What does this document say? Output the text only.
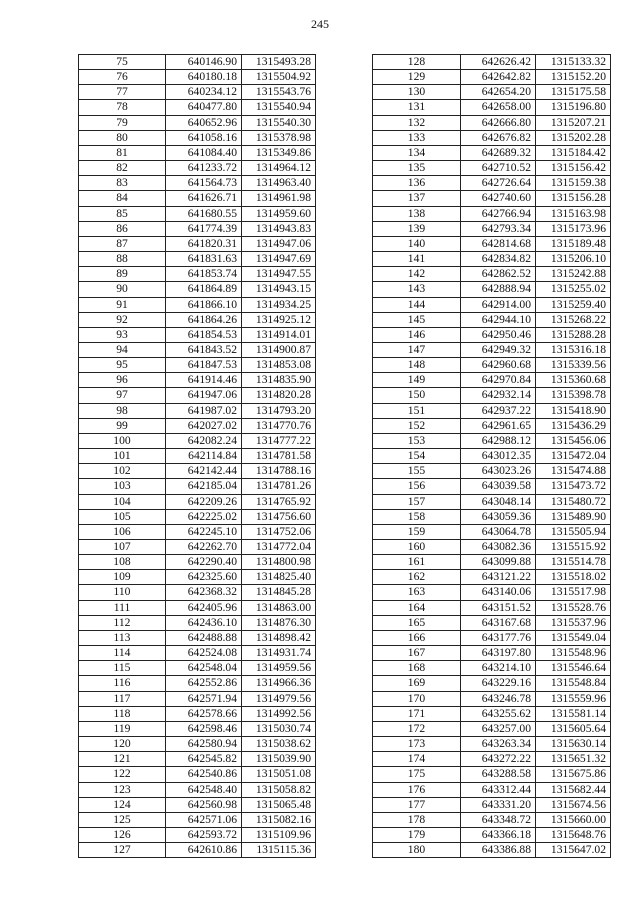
245
75	640146.90	1315493.28
76	640180.18	1315504.92
77	640234.12	1315543.76
78	640477.80	1315540.94
79	640652.96	1315540.30
80	641058.16	1315378.98
81	641084.40	1315349.86
82	641233.72	1314964.12
83	641564.73	1314963.40
84	641626.71	1314961.98
85	641680.55	1314959.60
86	641774.39	1314943.83
87	641820.31	1314947.06
88	641831.63	1314947.69
89	641853.74	1314947.55
90	641864.89	1314943.15
91	641866.10	1314934.25
92	641864.26	1314925.12
93	641854.53	1314914.01
94	641843.52	1314900.87
95	641847.53	1314853.08
96	641914.46	1314835.90
97	641947.06	1314820.28
98	641987.02	1314793.20
99	642027.02	1314770.76
100	642082.24	1314777.22
101	642114.84	1314781.58
102	642142.44	1314788.16
103	642185.04	1314781.26
104	642209.26	1314765.92
105	642225.02	1314756.60
106	642245.10	1314752.06
107	642262.70	1314772.04
108	642290.40	1314800.98
109	642325.60	1314825.40
110	642368.32	1314845.28
111	642405.96	1314863.00
112	642436.10	1314876.30
113	642488.88	1314898.42
114	642524.08	1314931.74
115	642548.04	1314959.56
116	642552.86	1314966.36
117	642571.94	1314979.56
118	642578.66	1314992.56
119	642598.46	1315030.74
120	642580.94	1315038.62
121	642545.82	1315039.90
122	642540.86	1315051.08
123	642548.40	1315058.82
124	642560.98	1315065.48
125	642571.06	1315082.16
126	642593.72	1315109.96
127	642610.86	1315115.36
128	642626.42	1315133.32
129	642642.82	1315152.20
130	642654.20	1315175.58
131	642658.00	1315196.80
132	642666.80	1315207.21
133	642676.82	1315202.28
134	642689.32	1315184.42
135	642710.52	1315156.42
136	642726.64	1315159.38
137	642740.60	1315156.28
138	642766.94	1315163.98
139	642793.34	1315173.96
140	642814.68	1315189.48
141	642834.82	1315206.10
142	642862.52	1315242.88
143	642888.94	1315255.02
144	642914.00	1315259.40
145	642944.10	1315268.22
146	642950.46	1315288.28
147	642949.32	1315316.18
148	642960.68	1315339.56
149	642970.84	1315360.68
150	642932.14	1315398.78
151	642937.22	1315418.90
152	642961.65	1315436.29
153	642988.12	1315456.06
154	643012.35	1315472.04
155	643023.26	1315474.88
156	643039.58	1315473.72
157	643048.14	1315480.72
158	643059.36	1315489.90
159	643064.78	1315505.94
160	643082.36	1315515.92
161	643099.88	1315514.78
162	643121.22	1315518.02
163	643140.06	1315517.98
164	643151.52	1315528.76
165	643167.68	1315537.96
166	643177.76	1315549.04
167	643197.80	1315548.96
168	643214.10	1315546.64
169	643229.16	1315548.84
170	643246.78	1315559.96
171	643255.62	1315581.14
172	643257.00	1315605.64
173	643263.34	1315630.14
174	643272.22	1315651.32
175	643288.58	1315675.86
176	643312.44	1315682.44
177	643331.20	1315674.56
178	643348.72	1315660.00
179	643366.18	1315648.76
180	643386.88	1315647.02
